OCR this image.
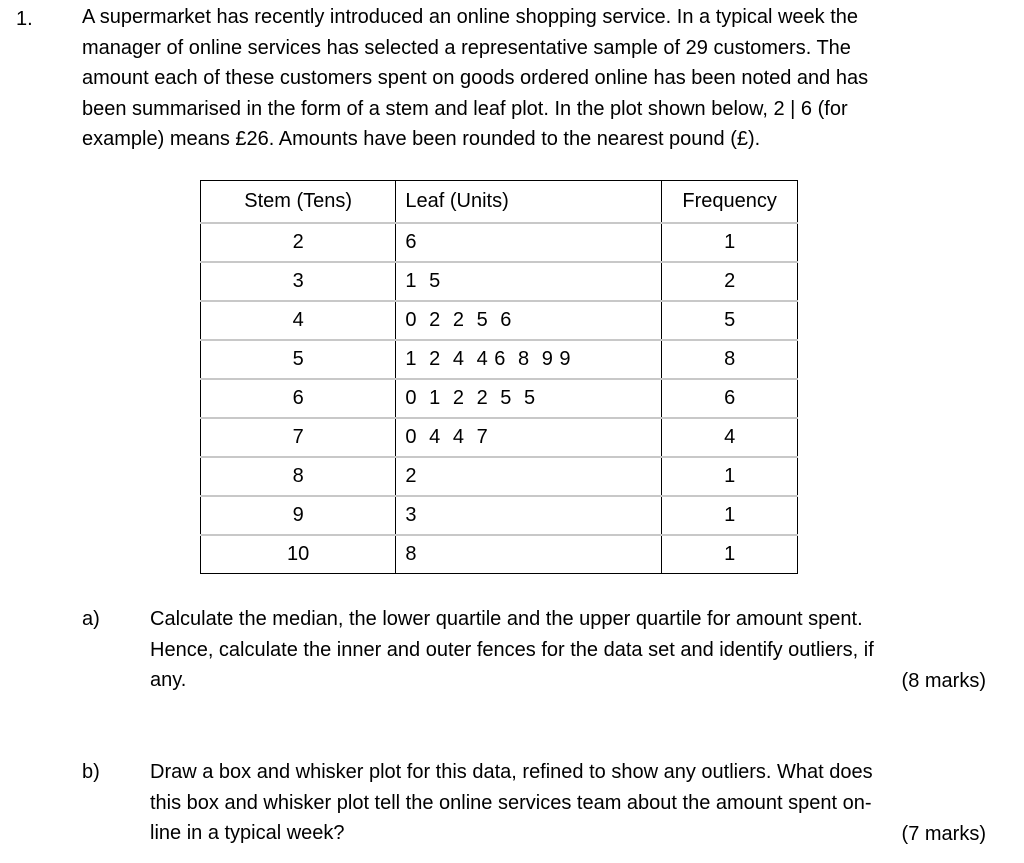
1. A supermarket has recently introduced an online shopping service. In a typical week the
manager of online services has selected a representative sample of 29 customers. The
amount each of these customers spent on goods ordered online has been noted and has
been summarised in the form of a stem and leaf plot. In the plot shown below, 2 | 6 (for
example) means £26. Amounts have been rounded to the nearest pound (£).
Stem (Tens)	Leaf (Units)	Frequency
2	6	1
3	1  5	2
4	0  2  2  5  6	5
5	1  2  4  4 6  8  9 9	8
6	0  1  2  2  5  5	6
7	0  4  4  7	4
8	2	1
9	3	1
10	8	1
a)	Calculate the median, the lower quartile and the upper quartile for amount spent.
Hence, calculate the inner and outer fences for the data set and identify outliers, if
any.	(8 marks)
b)	Draw a box and whisker plot for this data, refined to show any outliers. What does
this box and whisker plot tell the online services team about the amount spent on-
line in a typical week?	(7 marks)
